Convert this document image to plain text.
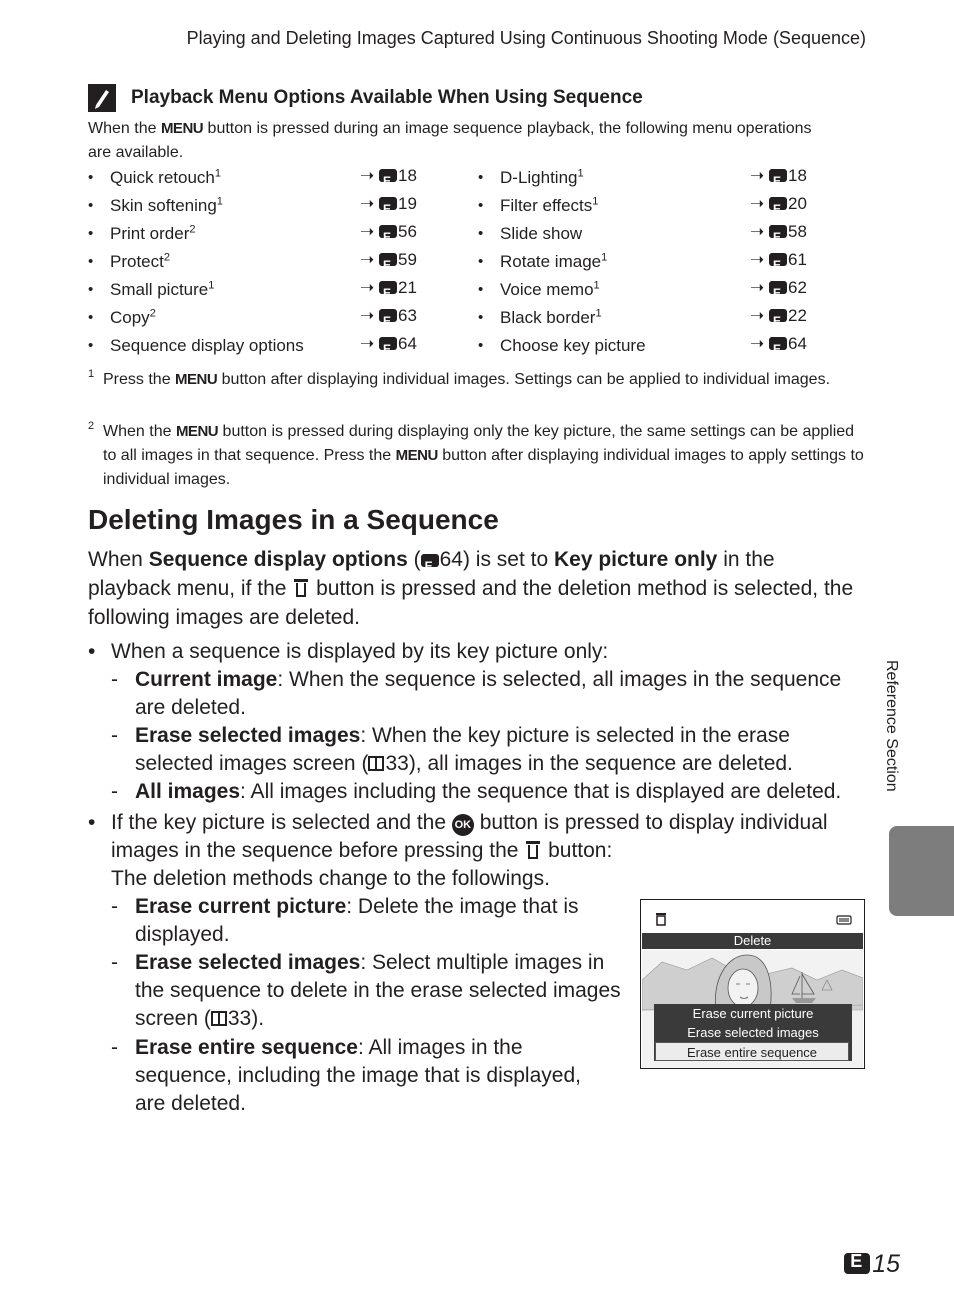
Playing and Deleting Images Captured Using Continuous Shooting Mode (Sequence)
Playback Menu Options Available When Using Sequence
When the MENU button is pressed during an image sequence playback, the following menu operations are available.
• Quick retouch$^1$	➝ E 18
• Skin softening$^1$	➝ E 19
• Print order$^2$	➝ E 56
• Protect$^2$	➝ E 59
• Small picture$^1$	➝ E 21
• Copy$^2$	➝ E 63
• Sequence display options	➝ E 64
• D-Lighting$^1$	➝ E 18
• Filter effects$^1$	➝ E 20
• Slide show	➝ E 58
• Rotate image$^1$	➝ E 61
• Voice memo$^1$	➝ E 62
• Black border$^1$	➝ E 22
• Choose key picture	➝ E 64
1 Press the MENU button after displaying individual images. Settings can be applied to individual images.
2 When the MENU button is pressed during displaying only the key picture, the same settings can be applied to all images in that sequence. Press the MENU button after displaying individual images to apply settings to individual images.
Deleting Images in a Sequence
When Sequence display options ( E 64) is set to Key picture only in the playback menu, if the  button is pressed and the deletion method is selected, the following images are deleted.
• When a sequence is displayed by its key picture only:
- Current image: When the sequence is selected, all images in the sequence are deleted.
- Erase selected images: When the key picture is selected in the erase selected images screen ( 33), all images in the sequence are deleted.
- All images: All images including the sequence that is displayed are deleted.
• If the key picture is selected and the OK button is pressed to display individual images in the sequence before pressing the  button:
The deletion methods change to the followings.
- Erase current picture: Delete the image that is displayed.
- Erase selected images: Select multiple images in the sequence to delete in the erase selected images screen ( 33).
- Erase entire sequence: All images in the sequence, including the image that is displayed, are deleted.
Delete
Erase current picture
Erase selected images
Erase entire sequence
Reference Section
E15
